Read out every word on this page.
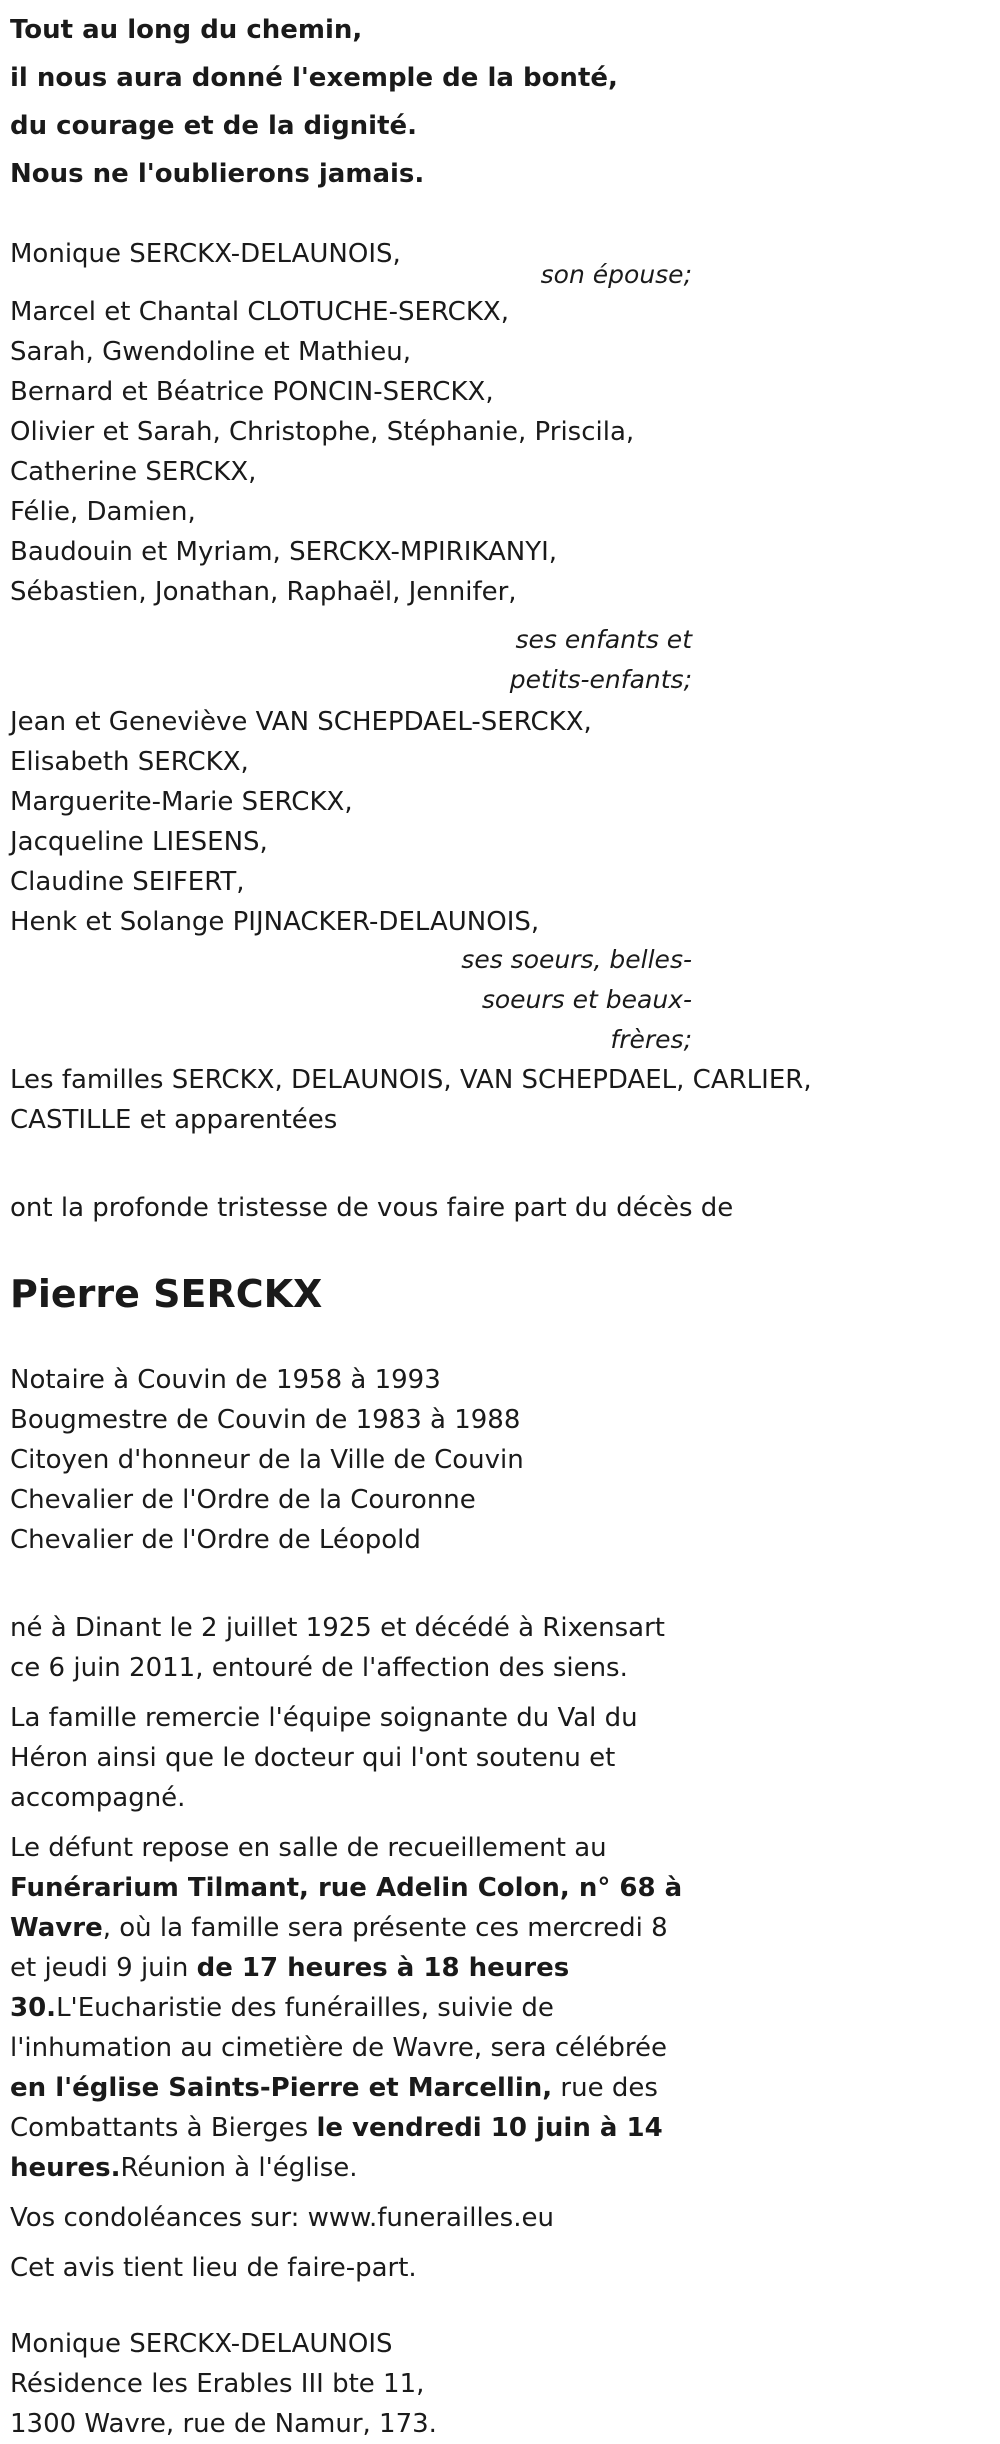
Tout au long du chemin,
il nous aura donné l'exemple de la bonté,
du courage et de la dignité.
Nous ne l'oublierons jamais.
Monique SERCKX-DELAUNOIS,
son épouse;
Marcel et Chantal CLOTUCHE-SERCKX,
Sarah, Gwendoline et Mathieu,
Bernard et Béatrice PONCIN-SERCKX,
Olivier et Sarah, Christophe, Stéphanie, Priscila,
Catherine SERCKX,
Félie, Damien,
Baudouin et Myriam, SERCKX-MPIRIKANYI,
Sébastien, Jonathan, Raphaël, Jennifer,
ses enfants et
petits-enfants;
Jean et Geneviève VAN SCHEPDAEL-SERCKX,
Elisabeth SERCKX,
Marguerite-Marie SERCKX,
Jacqueline LIESENS,
Claudine SEIFERT,
Henk et Solange PIJNACKER-DELAUNOIS,
ses soeurs, belles-
soeurs et beaux-
frères;
Les familles SERCKX, DELAUNOIS, VAN SCHEPDAEL, CARLIER,
CASTILLE et apparentées
ont la profonde tristesse de vous faire part du décès de
Pierre SERCKX
Notaire à Couvin de 1958 à 1993
Bougmestre de Couvin de 1983 à 1988
Citoyen d'honneur de la Ville de Couvin
Chevalier de l'Ordre de la Couronne
Chevalier de l'Ordre de Léopold

né à Dinant le 2 juillet 1925 et décédé à Rixensart ce 6 juin 2011, entouré de l'affection des siens.

La famille remercie l'équipe soignante du Val du Héron ainsi que le docteur qui l'ont soutenu et accompagné.

Le défunt repose en salle de recueillement au Funérarium Tilmant, rue Adelin Colon, n° 68 à Wavre, où la famille sera présente ces mercredi 8 et jeudi 9 juin de 17 heures à 18 heures 30.L'Eucharistie des funérailles, suivie de l'inhumation au cimetière de Wavre, sera célébrée en l'église Saints-Pierre et Marcellin, rue des Combattants à Bierges le vendredi 10 juin à 14 heures.Réunion à l'église.

Vos condoléances sur: www.funerailles.eu

Cet avis tient lieu de faire-part.

Monique SERCKX-DELAUNOIS
Résidence les Erables III bte 11,
1300 Wavre, rue de Namur, 173.
